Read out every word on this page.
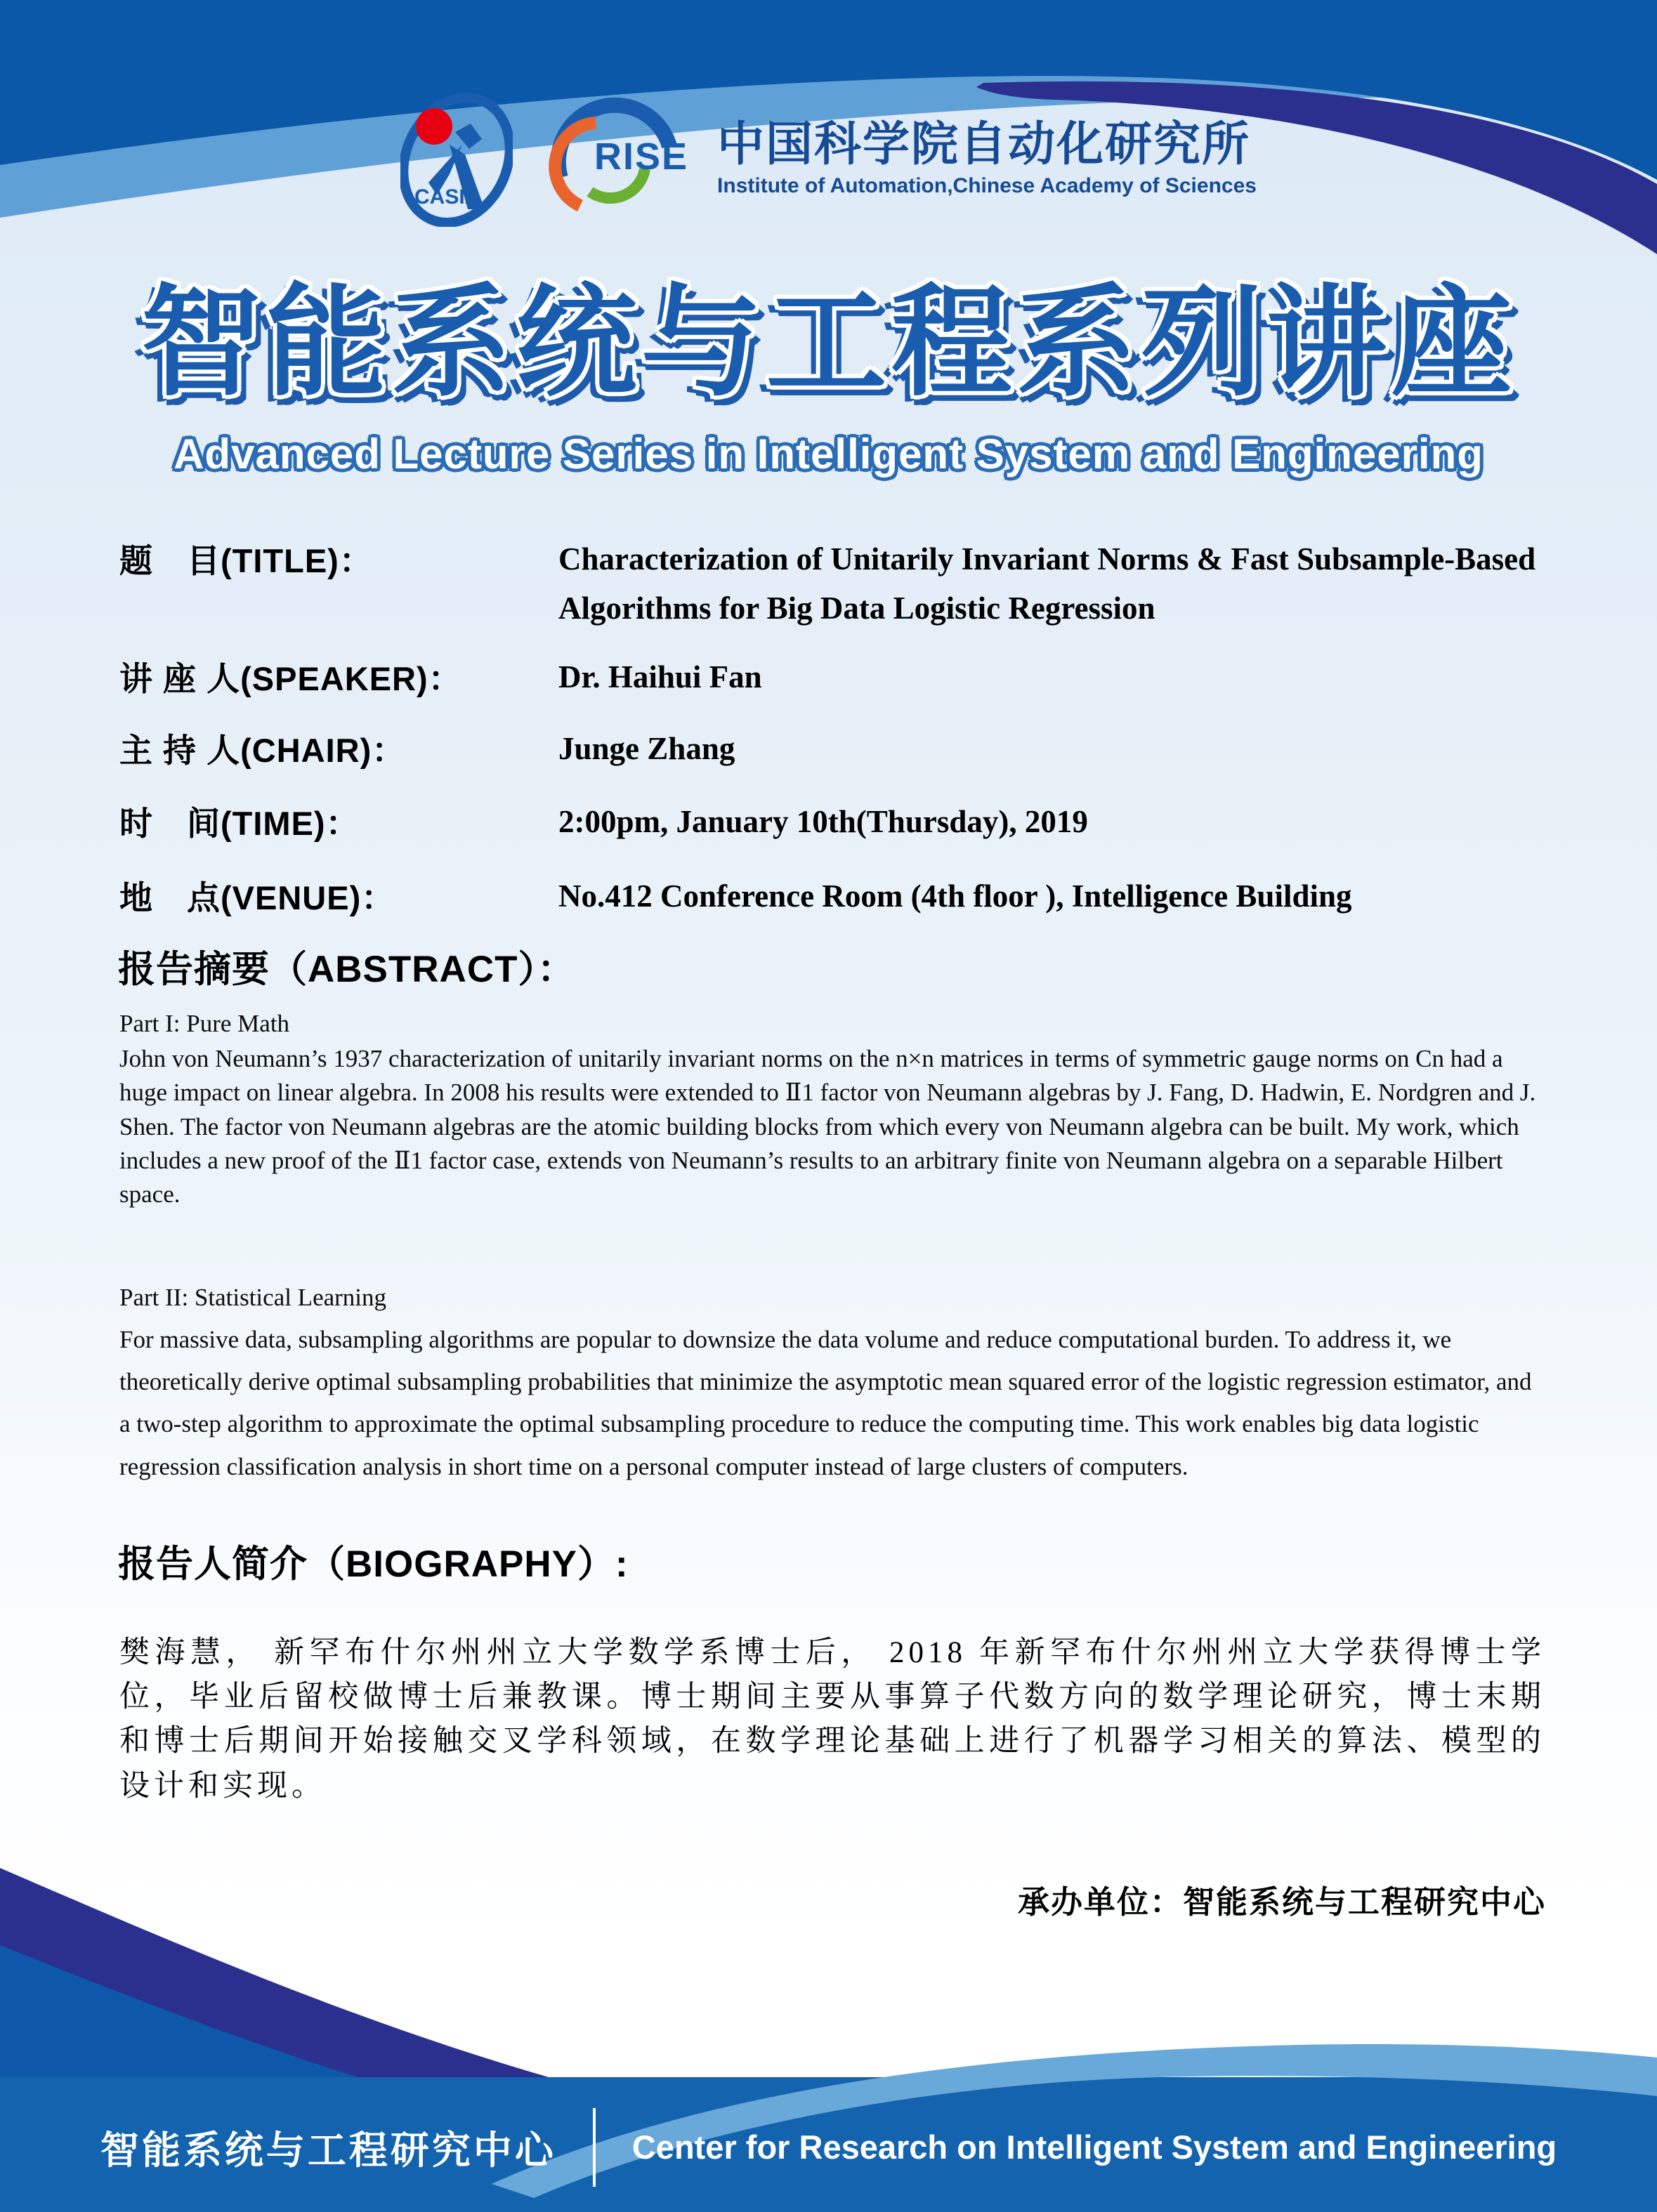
CASIA
RISE 中国科学院自动化研究所
Institute of Automation,Chinese Academy of Sciences
智能系统与工程系列讲座
Advanced Lecture Series in Intelligent System and Engineering
题　目(TITLE)：	Characterization of Unitarily Invariant Norms & Fast Subsample-Based Algorithms for Big Data Logistic Regression
讲 座 人(SPEAKER)：	Dr. Haihui Fan
主 持 人(CHAIR)：	Junge Zhang
时　间(TIME)：	2:00pm, January 10th(Thursday), 2019
地　点(VENUE)：	No.412 Conference Room (4th floor ), Intelligence Building
报告摘要（ABSTRACT）：
Part I: Pure Math
John von Neumann’s 1937 characterization of unitarily invariant norms on the n×n matrices in terms of symmetric gauge norms on Cn had a huge impact on linear algebra. In 2008 his results were extended to Ⅱ1 factor von Neumann algebras by J. Fang, D. Hadwin, E. Nordgren and J. Shen. The factor von Neumann algebras are the atomic building blocks from which every von Neumann algebra can be built. My work, which includes a new proof of the Ⅱ1 factor case, extends von Neumann’s results to an arbitrary finite von Neumann algebra on a separable Hilbert space.
Part II: Statistical Learning
For massive data, subsampling algorithms are popular to downsize the data volume and reduce computational burden. To address it, we theoretically derive optimal subsampling probabilities that minimize the asymptotic mean squared error of the logistic regression estimator, and a two-step algorithm to approximate the optimal subsampling procedure to reduce the computing time. This work enables big data logistic regression classification analysis in short time on a personal computer instead of large clusters of computers.
报告人简介（BIOGRAPHY）:
樊海慧， 新罕布什尔州州立大学数学系博士后， 2018 年新罕布什尔州州立大学获得博士学位，毕业后留校做博士后兼教课。博士期间主要从事算子代数方向的数学理论研究，博士末期和博士后期间开始接触交叉学科领域，在数学理论基础上进行了机器学习相关的算法、模型的设计和实现。
承办单位：智能系统与工程研究中心
智能系统与工程研究中心 Center for Research on Intelligent System and Engineering
